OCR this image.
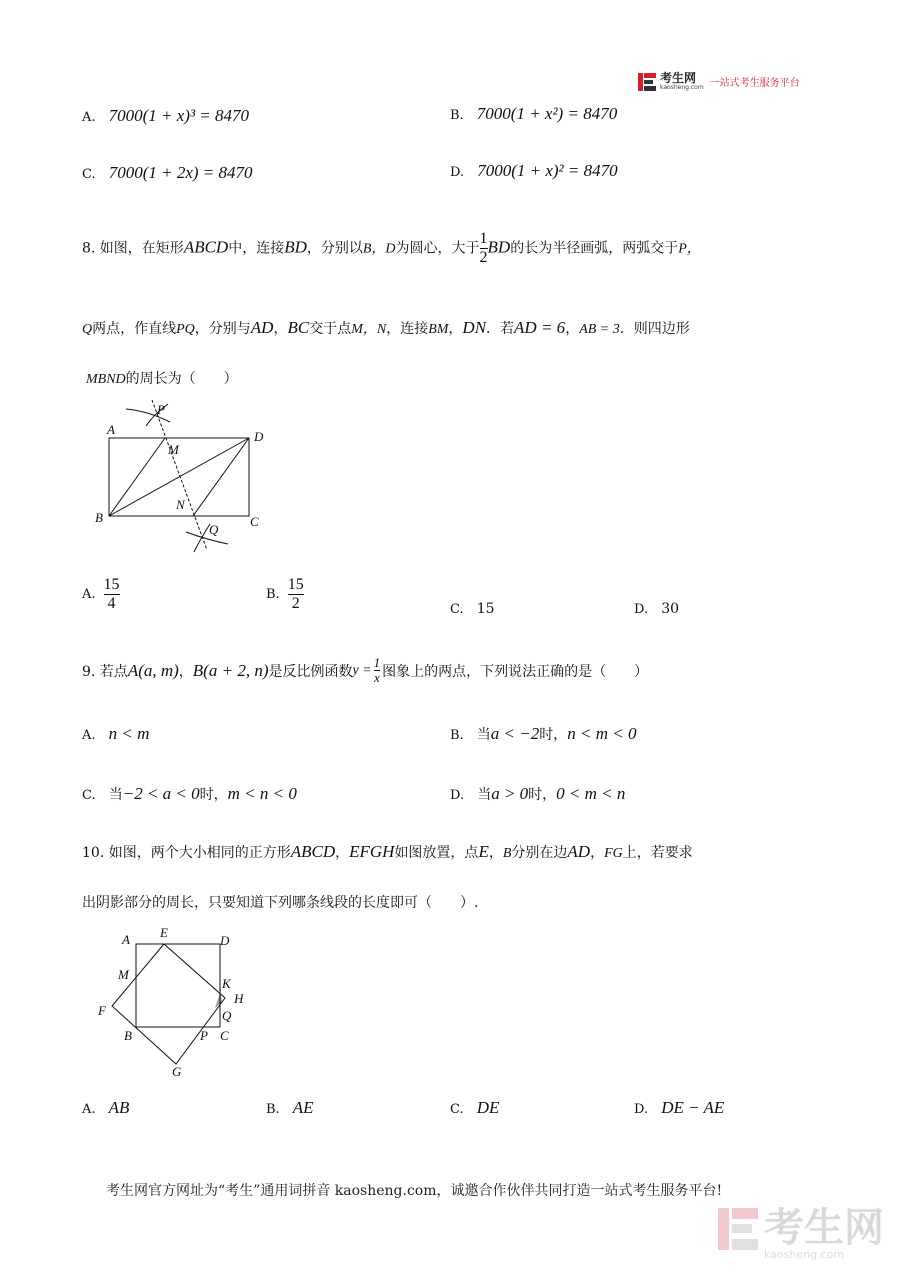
考生网
kaosheng.com 一站式考生服务平台
A. 7000(1 + x)³ = 8470	B. 7000(1 + x²) = 8470
C. 7000(1 + 2x) = 8470	D. 7000(1 + x)² = 8470
8. 如图，在矩形ABCD中，连接BD，分别以B，D为圆心，大于 $\frac{1}{2}$ BD的长为半径画弧，两弧交于P，
Q两点，作直线PQ，分别与AD，BC交于点M，N，连接BM，DN．若AD = 6，AB = 3．则四边形
MBND的周长为（　　）
A
B	C
D
M
N
P
Q
A. $\frac{15}{4}$	B. $\frac{15}{2}$	C. 15	D. 30
9. 若点 A(a, m) ， B(a + 2, n) 是反比例函数 $y = \frac{1}{x}$ 图象上的两点，下列说法正确的是（　　）
A. n < m	B. 当a < −2时，n < m < 0
C. 当−2 < a < 0时，m < n < 0	D. 当a > 0时，0 < m < n
10. 如图，两个大小相同的正方形ABCD，EFGH如图放置，点E，B分别在边AD，FG上，若要求
出阴影部分的周长，只要知道下列哪条线段的长度即可（　　）.
A
B	C
D
E
F
G
H
K
M
P
Q
A. AB	B. AE	C. DE	D. DE − AE
考生网官方网址为“考生”通用词拼音 kaosheng.com，诚邀合作伙伴共同打造一站式考生服务平台!
考生网
kaosheng.com
